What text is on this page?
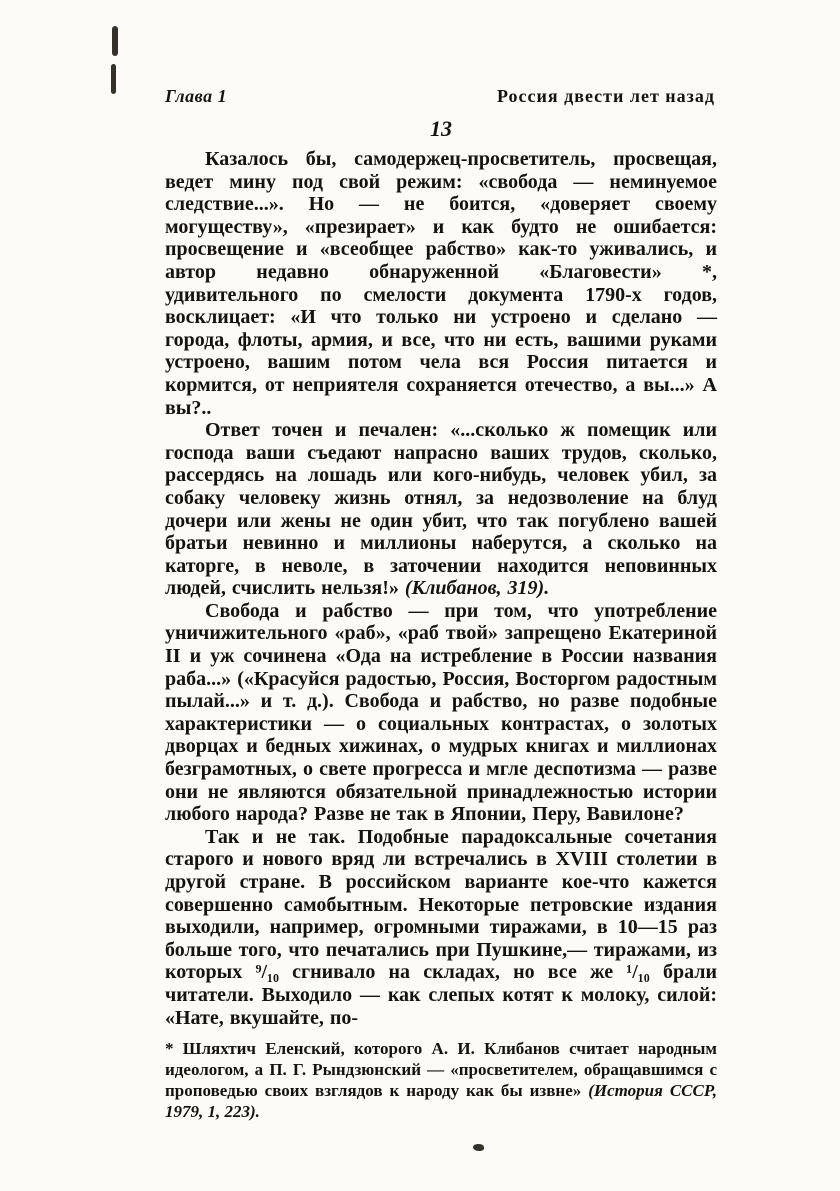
Глава 1	Россия двести лет назад
13

Казалось бы, самодержец-просветитель, просвещая, ведет мину под свой режим: «свобода — неминуемое следствие...». Но — не боится, «доверяет своему могуществу», «презирает» и как будто не ошибается: просвещение и «всеобщее рабство» как-то уживались, и автор недавно обнаруженной «Благовести» *, удивительного по смелости документа 1790-х годов, восклицает: «И что только ни устроено и сделано — города, флоты, армия, и все, что ни есть, вашими руками устроено, вашим потом чела вся Россия питается и кормится, от неприятеля сохраняется отечество, а вы...» А вы?..

Ответ точен и печален: «...сколько ж помещик или господа ваши съедают напрасно ваших трудов, сколько, рассердясь на лошадь или кого-нибудь, человек убил, за собаку человеку жизнь отнял, за недозволение на блуд дочери или жены не один убит, что так погублено вашей братьи невинно и миллионы наберутся, а сколько на каторге, в неволе, в заточении находится неповинных людей, счислить нельзя!» (Клибанов, 319).

Свобода и рабство — при том, что употребление уничижительного «раб», «раб твой» запрещено Екатериной II и уж сочинена «Ода на истребление в России названия раба...» («Красуйся радостью, Россия, Восторгом радостным пылай...» и т. д.). Свобода и рабство, но разве подобные характеристики — о социальных контрастах, о золотых дворцах и бедных хижинах, о мудрых книгах и миллионах безграмотных, о свете прогресса и мгле деспотизма — разве они не являются обязательной принадлежностью истории любого народа? Разве не так в Японии, Перу, Вавилоне?

Так и не так. Подобные парадоксальные сочетания старого и нового вряд ли встречались в XVIII столетии в другой стране. В российском варианте кое-что кажется совершенно самобытным. Некоторые петровские издания выходили, например, огромными тиражами, в 10—15 раз больше того, что печатались при Пушкине,— тиражами, из которых ⁹/₁₀ сгнивало на складах, но все же ¹/₁₀ брали читатели. Выходило — как слепых котят к молоку, силой: «Нате, вкушайте, по-

* Шляхтич Еленский, которого А. И. Клибанов считает народным идеологом, а П. Г. Рындзюнский — «просветителем, обращавшимся с проповедью своих взглядов к народу как бы извне» (История СССР, 1979, 1, 223).
